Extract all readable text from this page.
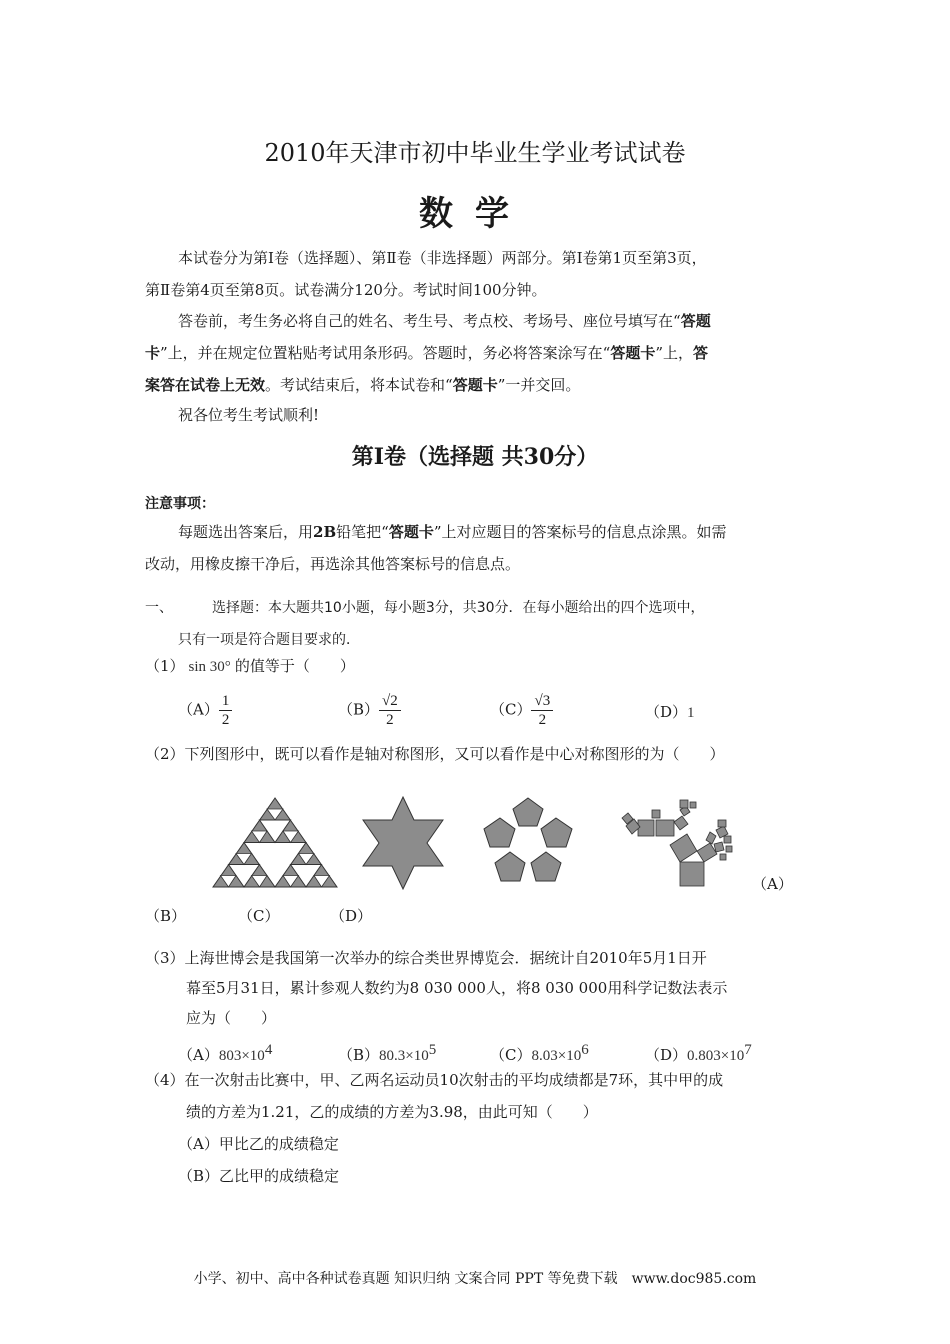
2010年天津市初中毕业生学业考试试卷
数学
本试卷分为第Ⅰ卷（选择题）、第Ⅱ卷（非选择题）两部分。第Ⅰ卷第1页至第3页，
第Ⅱ卷第4页至第8页。试卷满分120分。考试时间100分钟。
答卷前，考生务必将自己的姓名、考生号、考点校、考场号、座位号填写在“答题
卡”上，并在规定位置粘贴考试用条形码。答题时，务必将答案涂写在“答题卡”上，答
案答在试卷上无效。考试结束后，将本试卷和“答题卡”一并交回。
祝各位考生考试顺利!
第Ⅰ卷（选择题 共30分）
注意事项：
每题选出答案后，用2B铅笔把“答题卡”上对应题目的答案标号的信息点涂黑。如需
改动，用橡皮擦干净后，再选涂其他答案标号的信息点。
一、	选择题：本大题共10小题，每小题3分，共30分．在每小题给出的四个选项中，
只有一项是符合题目要求的．
（1） sin 30° 的值等于（　　）
$(A) \frac{1}{2}$	$(B) \frac{√2}{2}$	$(C) \frac{√3}{2}$	（D）1
（2）下列图形中，既可以看作是轴对称图形，又可以看作是中心对称图形的为（　　）
（A）
（B）	（C）	（D）
（3）上海世博会是我国第一次举办的综合类世界博览会．据统计自2010年5月1日开
幕至5月31日，累计参观人数约为8 030 000人，将8 030 000用科学记数法表示
应为（　　）
$(A)803\times 10^4$	$(B)80.3\times 10^5$	$(C)8.03\times 10^6$	$(D)0.803\times 10^7$
（4）在一次射击比赛中，甲、乙两名运动员10次射击的平均成绩都是7环，其中甲的成
绩的方差为1.21，乙的成绩的方差为3.98，由此可知（　　）
（A）甲比乙的成绩稳定
（B）乙比甲的成绩稳定
小学、初中、高中各种试卷真题 知识归纳 文案合同 PPT 等免费下载　www.doc985.com
